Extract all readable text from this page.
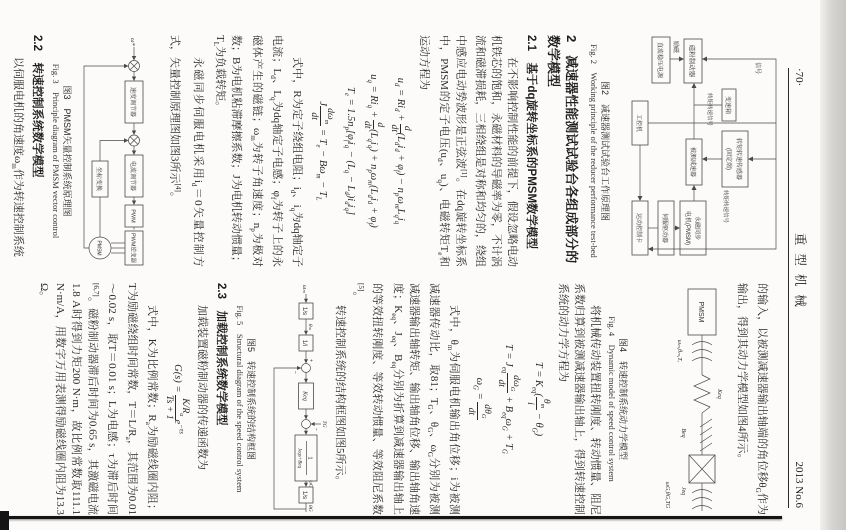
·70·
重型机械
2013 No.6
磁粉制动器
直流稳压电源
变速箱
转矩转速传感器
(固定端)
被测减速器
永磁同步
电机(PMSM)
伺服驱动器
运动控制卡
工控机
励磁
信号
转矩转速信号
转矩转速信号
图2　减速器测试试验台工作原理图
Fig. 2　Working principle of the reducer performance test-bed
2　减速器性能测试试验台各组成部分的数学模型
2.1　基于dq旋转坐标系的PMSM数学模型

在不影响控制性能的前提下，假设忽略电动机铁芯的饱和，永磁材料的导磁率为零，不计涡流和磁滞损耗，三相绕组是对称和均匀的，绕组中感应电动势波形是正弦波[1]。在dq旋转坐标系中，PMSM的定子电压($u_d$、$u_q$)、电磁转矩$T_e$和运动方程为

$u_d = Ri_d$ +
d
dt
$(L_di_d + \varphi_f) - n_p\omega_mL_qi_q$
$u_q = Ri_q$ +
d
dt
$(L_qi_q) + n_p\omega_m(L_di_d + \varphi_f)$
$T_e = 1.5n_p[\varphi_fi_q - (L_q - L_d)i_di_q]$
J
$d\omega_m$
dt
= $T_e - B\omega_m - T_L$

式中，R为定子绕组电阻；$i_d$、$i_q$为dq轴定子电流；$L_d$、$L_q$为dq轴定子电感；$\varphi_f$为转子上的永磁体产生的磁链；$\omega_m$为转子角速度；$n_p$为极对数；B为电机粘滞摩擦系数；J为电机转动惯量；$T_L$为负载转矩。

永磁同步伺服电机采用$i_d=0$矢量控制方式，矢量控制原理图如图3所示[4]。

ω*
速度调节器
电流调节器
PWM
PWM逆变器
PMSM
坐标变换
图3　PMSM矢量控制系统原理图
Fig. 3　Principle diagram of PMSM vector control
2.2　转速控制系统数学模型

以伺服电机的角速度$\omega_m$作为转速控制系统

的输入，以被测减速器输出轴端的角位移$\theta_G$作为输出，得到其动力学模型如图4所示。

PMSM
ωₘ,θₘ,Tₑ
Keq
Beq
Jeq
ωG,θG,TG
图4　转速控制系统动力学模型
Fig. 4　Dynamic model of speed control system

将机械传动装置扭转刚度、转动惯量、阻尼系数归算到被测减速器输出轴上，得到转速控制系统的动力学方程为

$T = K_{eq}$(
$\theta_m$
i
− $\theta_G$)
$T = J_{eq}$
$d\omega_G$
dt
+ $B_{eq}\omega_G + T_G$
$\omega_G$ =
$d\theta_G$
dt

式中，$\theta_m$为伺服电机输出角位移；i为被测减速器传动比，取81；$T_G$、$\theta_G$、$\omega_G$分别为被测减速器输出轴转矩、输出轴角位移、输出轴角速度；$K_{eq}$、$J_{eq}$、$B_{eq}$分别为折算到减速器输出轴上的等效扭转刚度、等效转动惯量、等效阻尼系数[5]。

转速控制系统的结构框图如图5所示。

ωₘ
1/s
θₘ
1/i
+
−
Keq
TG
−
1
Jeqs+Beq
ωG
1/s
θG
图5　转速控制系统的结构框图
Fig. 5　Structural diagram of the speed control system
2.3　加载控制系统数学模型

加载装置磁粉制动器的传递函数为

G(s) =
$K/R_a$
Ts + 1
$e^{-\tau s}$

式中，K为比例常数；$R_a$为励磁线圈内阻；T为励磁绕组时间常数，$T=L/R_a$，其范围为0.01～0.02 s，取T＝0.01 s；L为电感；τ为滞后时间[6,7]。磁粉制动器滞后时间为0.65 s，其激磁电流1.8 A时得到力矩200 N·m，故比例常数取111.1 N·m/A，用数字万用表测得励磁线圈内阻为13.3 Ω。
